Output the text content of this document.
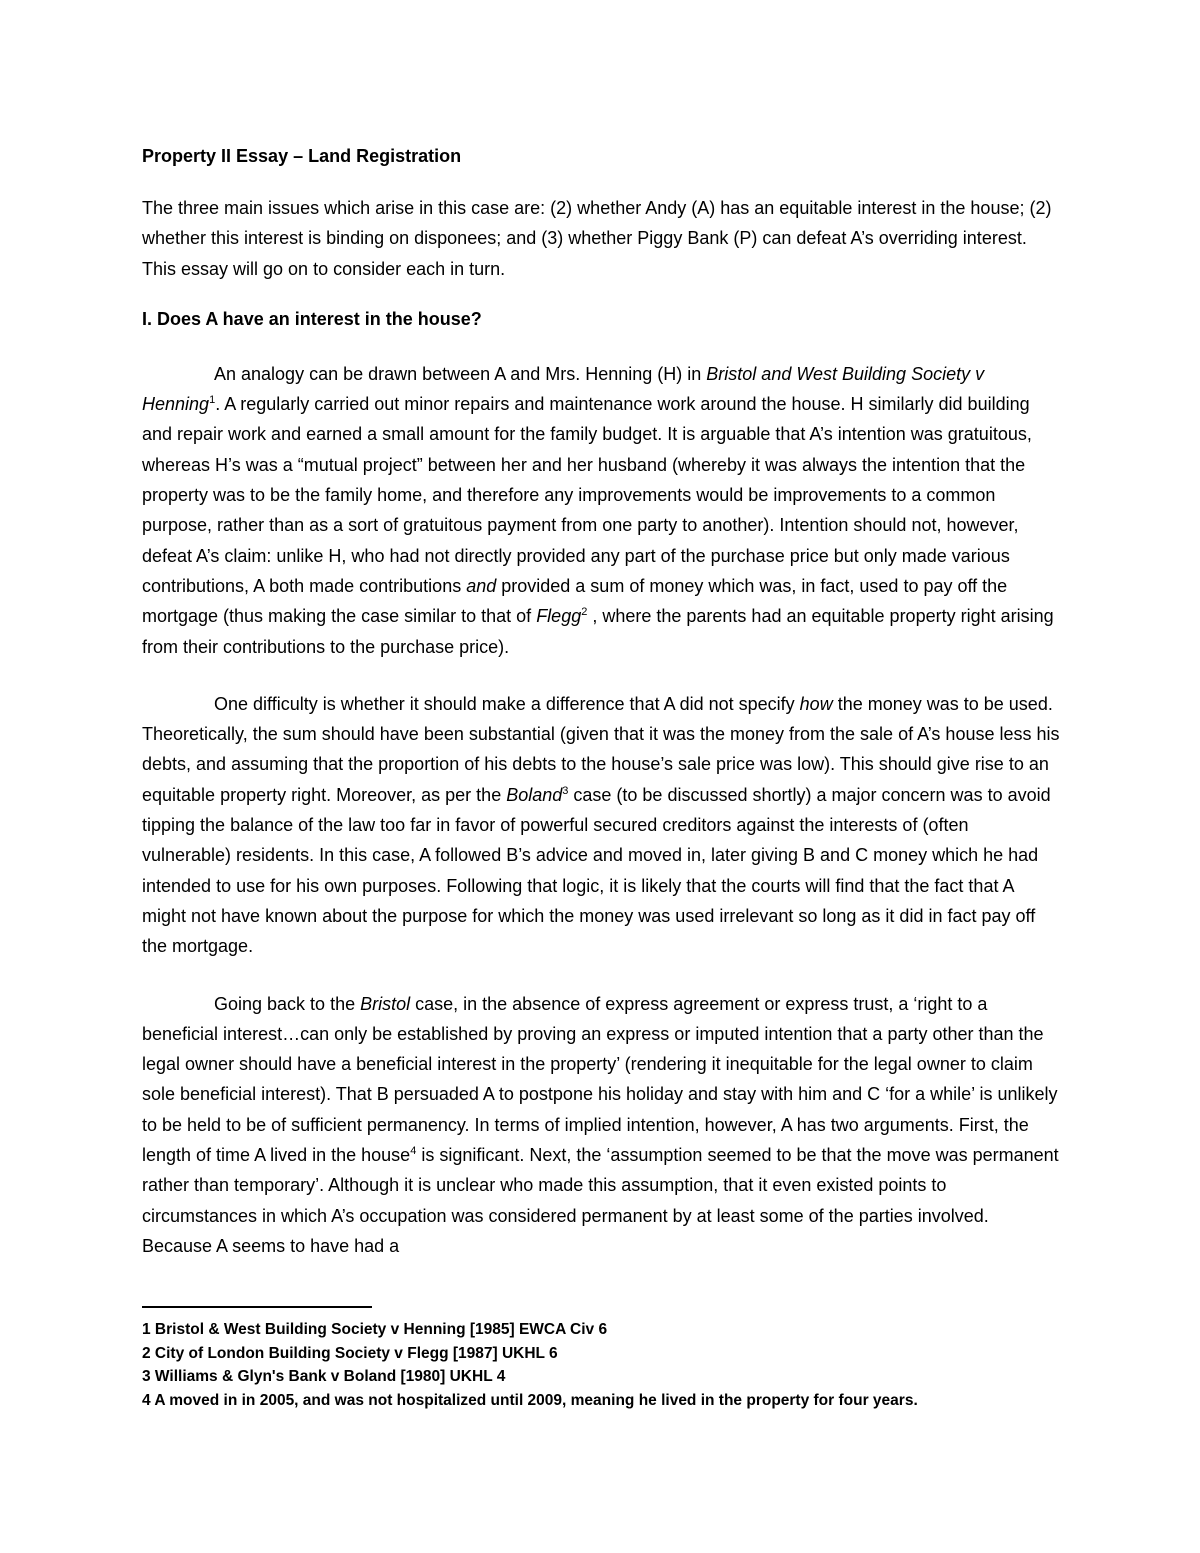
Property II Essay – Land Registration

The three main issues which arise in this case are: (2) whether Andy (A) has an equitable interest in the house; (2) whether this interest is binding on disponees; and (3) whether Piggy Bank (P) can defeat A’s overriding interest. This essay will go on to consider each in turn.

I. Does A have an interest in the house?

An analogy can be drawn between A and Mrs. Henning (H) in Bristol and West Building Society v Henning$^1$. A regularly carried out minor repairs and maintenance work around the house. H similarly did building and repair work and earned a small amount for the family budget. It is arguable that A’s intention was gratuitous, whereas H’s was a “mutual project” between her and her husband (whereby it was always the intention that the property was to be the family home, and therefore any improvements would be improvements to a common purpose, rather than as a sort of gratuitous payment from one party to another). Intention should not, however, defeat A’s claim: unlike H, who had not directly provided any part of the purchase price but only made various contributions, A both made contributions and provided a sum of money which was, in fact, used to pay off the mortgage (thus making the case similar to that of Flegg$^2$ , where the parents had an equitable property right arising from their contributions to the purchase price).

One difficulty is whether it should make a difference that A did not specify how the money was to be used. Theoretically, the sum should have been substantial (given that it was the money from the sale of A’s house less his debts, and assuming that the proportion of his debts to the house’s sale price was low). This should give rise to an equitable property right. Moreover, as per the Boland$^3$ case (to be discussed shortly) a major concern was to avoid tipping the balance of the law too far in favor of powerful secured creditors against the interests of (often vulnerable) residents. In this case, A followed B’s advice and moved in, later giving B and C money which he had intended to use for his own purposes. Following that logic, it is likely that the courts will find that the fact that A might not have known about the purpose for which the money was used irrelevant so long as it did in fact pay off the mortgage.

Going back to the Bristol case, in the absence of express agreement or express trust, a ‘right to a beneficial interest…can only be established by proving an express or imputed intention that a party other than the legal owner should have a beneficial interest in the property’ (rendering it inequitable for the legal owner to claim sole beneficial interest). That B persuaded A to postpone his holiday and stay with him and C ‘for a while’ is unlikely to be held to be of sufficient permanency. In terms of implied intention, however, A has two arguments. First, the length of time A lived in the house$^4$ is significant. Next, the ‘assumption seemed to be that the move was permanent rather than temporary’. Although it is unclear who made this assumption, that it even existed points to circumstances in which A’s occupation was considered permanent by at least some of the parties involved. Because A seems to have had a

1 Bristol & West Building Society v Henning [1985] EWCA Civ 6

2 City of London Building Society v Flegg [1987] UKHL 6

3 Williams & Glyn's Bank v Boland [1980] UKHL 4

4 A moved in in 2005, and was not hospitalized until 2009, meaning he lived in the property for four years.
